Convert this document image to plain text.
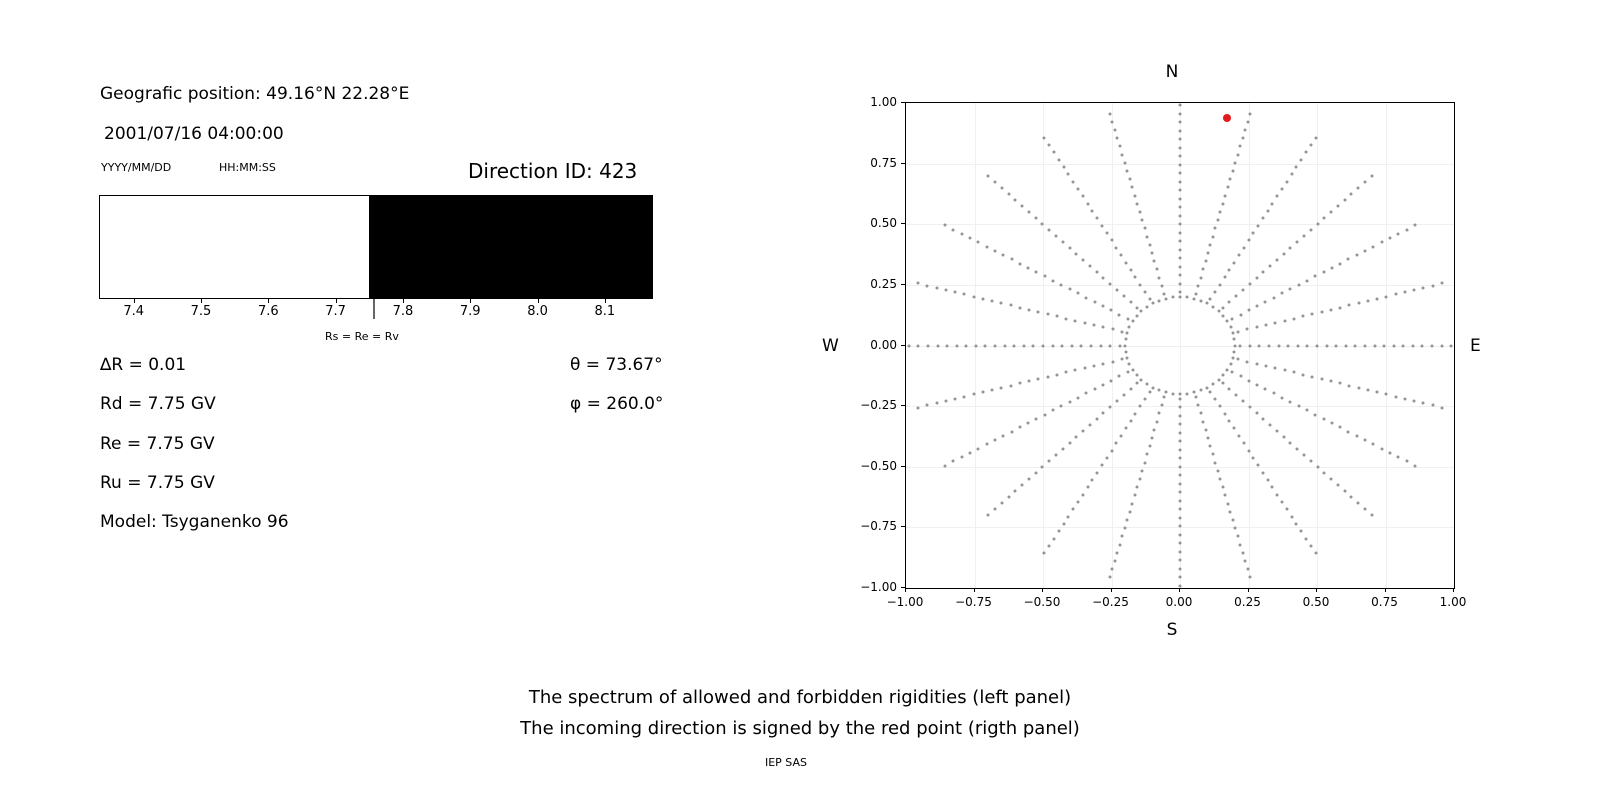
Geografic position: 49.16°N 22.28°E
2001/07/16 04:00:00
YYYY/MM/DD	HH:MM:SS	Direction ID: 423
7.4	7.5	7.6	7.7	7.8	7.9	8.0	8.1
Rs = Re = Rv
∆R = 0.01
Rd = 7.75 GV
Re = 7.75 GV
Ru = 7.75 GV
Model: Tsyganenko 96
θ = 73.67°
φ = 260.0°
N
S
W	E
−1.00
−0.75
−0.50
−0.25
0.00
0.25
0.50
0.75
1.00
−1.00	−0.75	−0.50	−0.25	0.00	0.25	0.50	0.75	1.00
The spectrum of allowed and forbidden rigidities (left panel)
The incoming direction is signed by the red point (rigth panel)
IEP SAS
